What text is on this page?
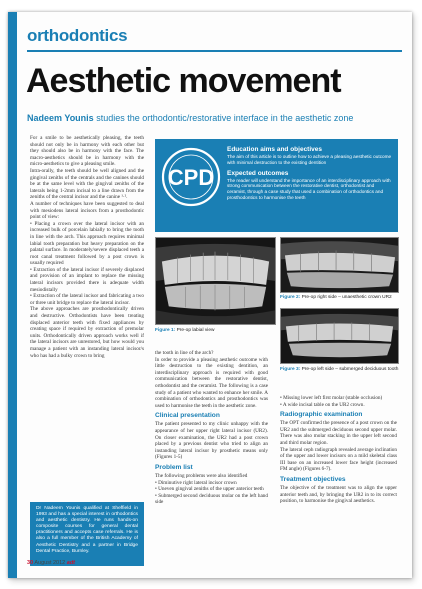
orthodontics
Aesthetic movement
Nadeem Younis studies the orthodontic/restorative interface in the aesthetic zone

For a smile to be aesthetically pleasing, the teeth should not only be in harmony with each other but they should also be in harmony with the face. The macro-aesthetics should be in harmony with the micro-aesthetics to give a pleasing smile.

Intra-orally, the teeth should be well aligned and the gingival zeniths of the centrals and the canines should be at the same level with the gingival zeniths of the laterals being 1-2mm incisal to a line drawn from the zeniths of the central incisor and the canine ¹·².

A number of techniques have been suggested to deal with mesiodens lateral incisors from a prosthodontic point of view:

• Placing a crown over the lateral incisor with an increased bulk of porcelain labially to bring the tooth in line with the arch. This approach requires minimal labial tooth preparation but heavy preparation on the palatal surface. In moderately/severe displaced teeth a root canal treatment followed by a post crown is usually required

• Extraction of the lateral incisor if severely displaced and provision of an implant to replace the missing lateral incisors provided there is adequate width mesiodistally

• Extraction of the lateral incisor and fabricating a two or three unit bridge to replace the lateral incisor.

The above approaches are prosthodontically driven and destructive. Orthodontists have been treating displaced anterior teeth with fixed appliances by creating space if required by extraction of premolar units. Orthodontically driven approach works well if the lateral incisors are unrestored, but how would you manage a patient with an instanding lateral incisor/s who has had a bulky crown to bring

Dr Nadeem Younis qualified at Sheffield in 1993 and has a special interest in orthodontics and aesthetic dentistry. He runs hands-on composite courses for general dental practitioners and accepts case referrals. He is also a full member of the British Academy of Aesthetic Dentistry and a partner in Bridge Dental Practice, Burnley.
CPD
Education aims and objectives

The aim of this article is to outline how to achieve a pleasing aesthetic outcome with minimal destruction to the existing dentition

Expected outcomes

The reader will understand the importance of an interdisciplinary approach with strong communication between the restorative dentist, orthodontist and ceramist, through a case study that used a combination of orthodontics and prosthodontics to harmonise the teeth

Figure 1: Pre-op labial view
Figure 2: Pre-op right side – unaesthetic crown UR2
Figure 3: Pre-op left side – submerged deciduous tooth

the tooth in line of the arch?

In order to provide a pleasing aesthetic outcome with little destruction to the existing dentition, an interdisciplinary approach is required with good communication between the restorative dentist, orthodontist and the ceramist. The following is a case study of a patient who wanted to enhance her smile. A combination of orthodontics and prosthodontics was used to harmonise the teeth in the aesthetic zone.

Clinical presentation

The patient presented to my clinic unhappy with the appearance of her upper right lateral incisor (UR2). On closer examination, the UR2 had a post crown placed by a previous dentist who tried to align an instanding lateral incisor by prosthetic means only (Figures 1-5)

Problem list

The following problems were also identified

• Diminutive right lateral incisor crown

• Uneven gingival zeniths of the upper anterior teeth

• Submerged second deciduous molar on the left hand side

• Missing lower left first molar (stable occlusion)

• A wide incisal table on the UR2 crown.

Radiographic examination

The OPT confirmed the presence of a post crown on the UR2 and the submerged deciduous second upper molar. There was also molar stacking in the upper left second and third molar region.

The lateral ceph radiograph revealed average inclination of the upper and lower incisors on a mild skeletal class III base on an increased lower face height (increased FM angle) (Figures 6-7).

Treatment objectives

The objective of the treatment was to align the upper anterior teeth and, by bringing the UR2 in to its correct position, to harmonise the gingival aesthetics.

30 August 2012 adt
